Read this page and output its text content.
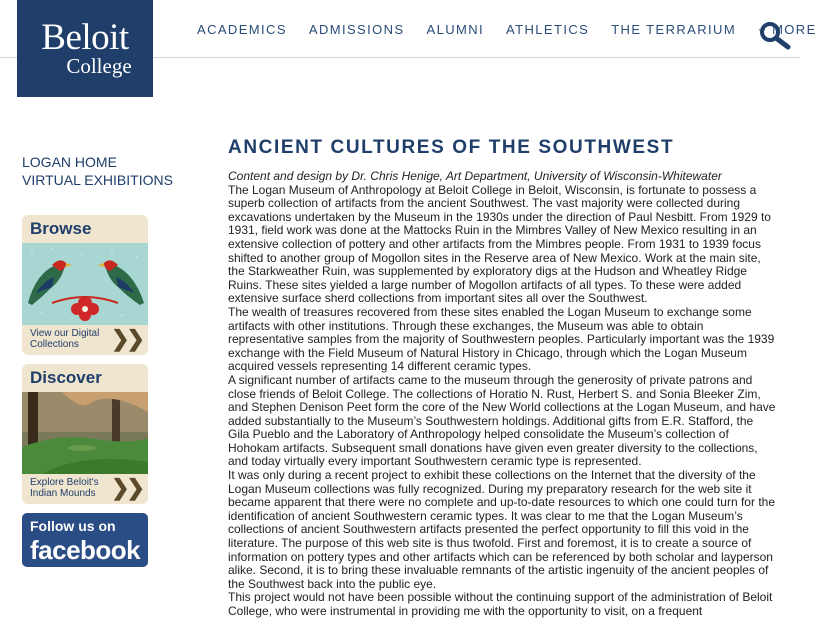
Beloit
College
ACADEMICS ADMISSIONS ALUMNI ATHLETICS THE TERRARIUM + MORE
LOGAN HOME
VIRTUAL EXHIBITIONS
Browse
View our Digital Collections	❯❯
Discover
Explore Beloit's Indian Mounds ❯❯
Follow us on
facebook
ANCIENT CULTURES OF THE SOUTHWEST
Content and design by Dr. Chris Henige, Art Department, University of Wisconsin-Whitewater

The Logan Museum of Anthropology at Beloit College in Beloit, Wisconsin, is fortunate to possess a superb collection of artifacts from the ancient Southwest. The vast majority were collected during excavations undertaken by the Museum in the 1930s under the direction of Paul Nesbitt. From 1929 to 1931, field work was done at the Mattocks Ruin in the Mimbres Valley of New Mexico resulting in an extensive collection of pottery and other artifacts from the Mimbres people. From 1931 to 1939 focus shifted to another group of Mogollon sites in the Reserve area of New Mexico. Work at the main site, the Starkweather Ruin, was supplemented by exploratory digs at the Hudson and Wheatley Ridge Ruins. These sites yielded a large number of Mogollon artifacts of all types. To these were added extensive surface sherd collections from important sites all over the Southwest.

The wealth of treasures recovered from these sites enabled the Logan Museum to exchange some artifacts with other institutions. Through these exchanges, the Museum was able to obtain representative samples from the majority of Southwestern peoples. Particularly important was the 1939 exchange with the Field Museum of Natural History in Chicago, through which the Logan Museum acquired vessels representing 14 different ceramic types.

A significant number of artifacts came to the museum through the generosity of private patrons and close friends of Beloit College. The collections of Horatio N. Rust, Herbert S. and Sonia Bleeker Zim, and Stephen Denison Peet form the core of the New World collections at the Logan Museum, and have added substantially to the Museum’s Southwestern holdings. Additional gifts from E.R. Stafford, the Gila Pueblo and the Laboratory of Anthropology helped consolidate the Museum’s collection of Hohokam artifacts. Subsequent small donations have given even greater diversity to the collections, and today virtually every important Southwestern ceramic type is represented.

It was only during a recent project to exhibit these collections on the Internet that the diversity of the Logan Museum collections was fully recognized. During my preparatory research for the web site it became apparent that there were no complete and up-to-date resources to which one could turn for the identification of ancient Southwestern ceramic types. It was clear to me that the Logan Museum’s collections of ancient Southwestern artifacts presented the perfect opportunity to fill this void in the literature. The purpose of this web site is thus twofold. First and foremost, it is to create a source of information on pottery types and other artifacts which can be referenced by both scholar and layperson alike. Second, it is to bring these invaluable remnants of the artistic ingenuity of the ancient peoples of the Southwest back into the public eye.

This project would not have been possible without the continuing support of the administration of Beloit College, who were instrumental in providing me with the opportunity to visit, on a frequent
